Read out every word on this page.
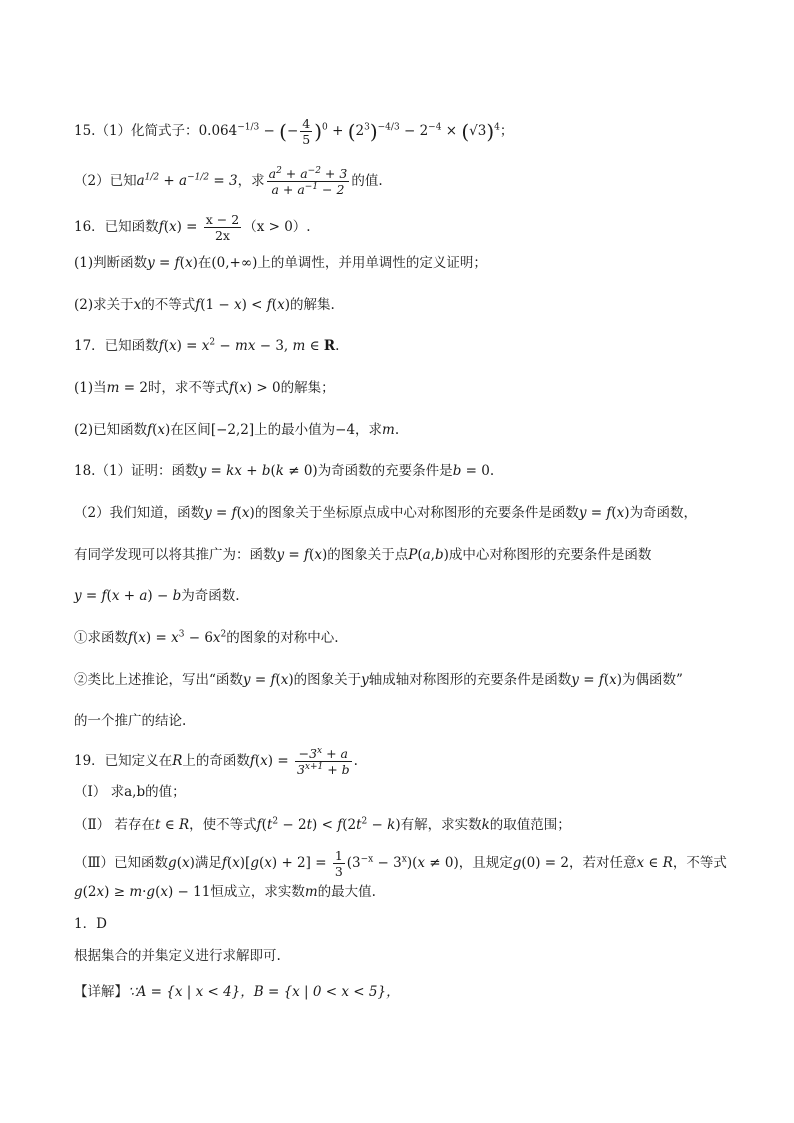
15.（1）化简式子：$0.064^{-1/3}$ − (− $\frac{4}{5} )^0 + (2^3)^{-4/3} - 2^{-4} \times (√3)^4$；
（2）已知$a^{1/2} + a^{-1/2} = 3$，求 $\frac{a^2 + a^{-2} + 3}{a + a^{-1} - 2}$ 的值.
16．已知函数$f(x) = \frac{x - 2}{2x} (x > 0)$.
(1)判断函数y = f(x)在(0,+∞)上的单调性，并用单调性的定义证明；
(2)求关于x的不等式f(1 − x) < f(x)的解集.
17．已知函数$f(x) = x^2$ − mx − 3, m ∈ R.
(1)当m = 2时，求不等式f(x) > 0的解集；
(2)已知函数f(x)在区间[−2,2]上的最小值为−4，求m.
18.（1）证明：函数y = kx + b(k ≠ 0)为奇函数的充要条件是b = 0.
（2）我们知道，函数y = f(x)的图象关于坐标原点成中心对称图形的充要条件是函数y = f(x)为奇函数，
有同学发现可以将其推广为：函数y = f(x)的图象关于点P(a,b)成中心对称图形的充要条件是函数
y = f(x + a) − b为奇函数.
①求函数$f(x) = x^3 - 6x^2$的图象的对称中心.
②类比上述推论，写出“函数y = f(x)的图象关于y轴成轴对称图形的充要条件是函数y = f(x)为偶函数”
的一个推广的结论.
19．已知定义在R上的奇函数$f(x) = \frac{-3^x + a}{3^{x+1} + b}$ .
（Ⅰ） 求a,b的值；
（Ⅱ） 若存在t ∈ R，使不等式$f(t^2 - 2t) < f(2t^2 - k)$有解，求实数k的取值范围；
（Ⅲ）已知函数g(x)满足$f(x)[g(x) + 2] = \frac{1}{3} (3^{-x} - 3^x)(x \ne 0)$，且规定g(0) = 2，若对任意x ∈ R，不等式
g(2x) ≥ m·g(x) − 11恒成立，求实数m的最大值.
1．D
根据集合的并集定义进行求解即可.
【详解】∵A = {x | x < 4}，B = {x | 0 < x < 5}，
